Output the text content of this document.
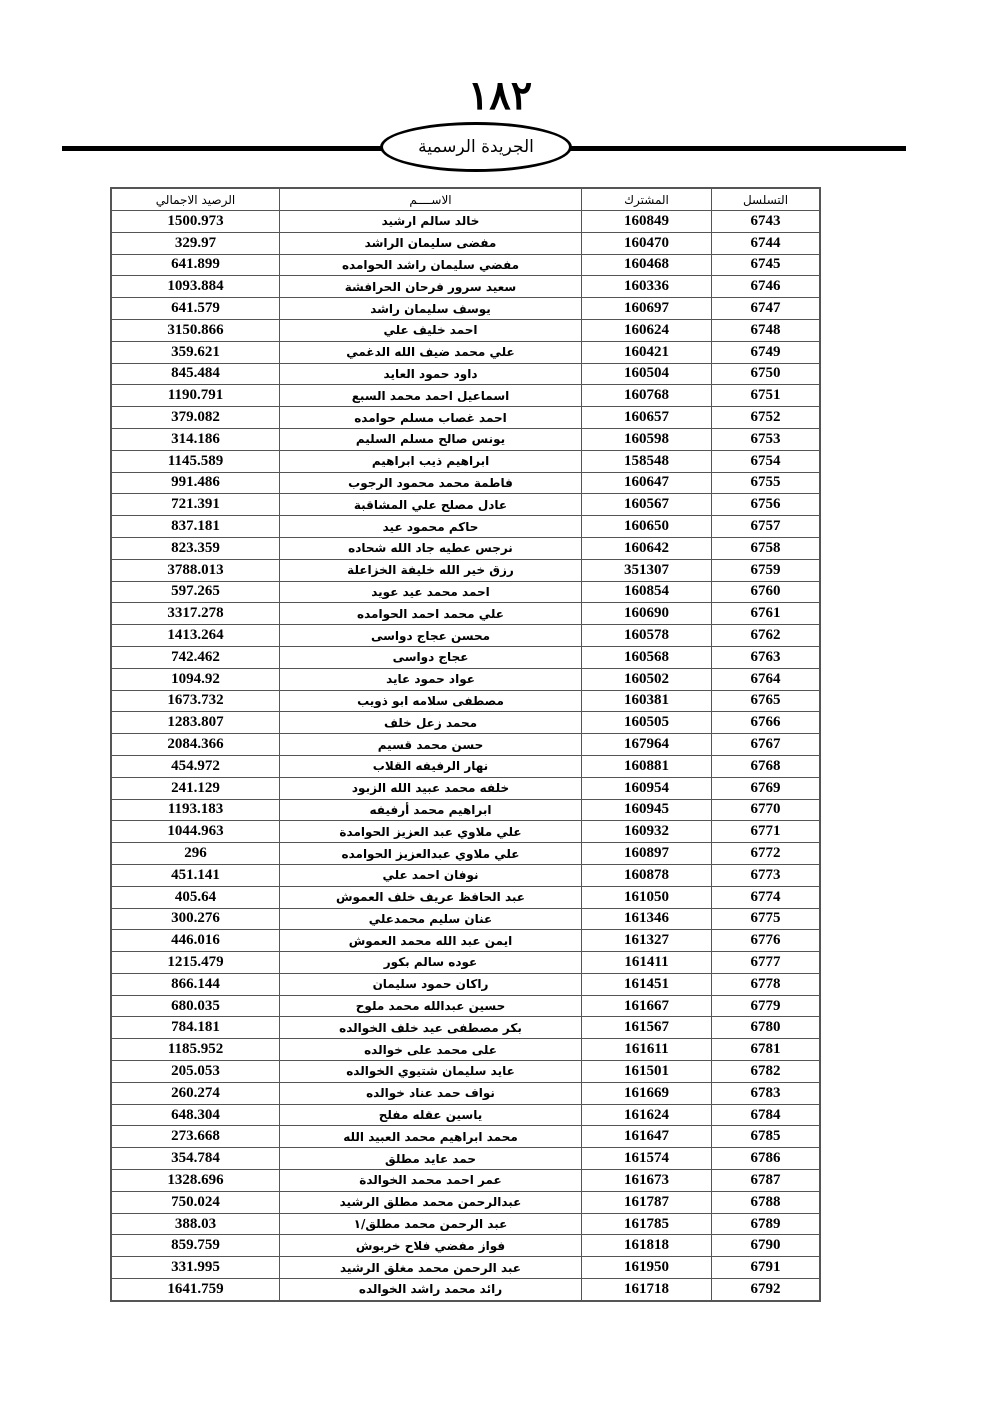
١٨٢
الجريدة الرسمية
التسلسل	المشترك	الاســــم	الرصيد الاجمالي
6743	160849	خالد سالم ارشيد	1500.973
6744	160470	مفضى سليمان الراشد	329.97
6745	160468	مفضي سليمان راشد الحوامده	641.899
6746	160336	سعيد سرور فرحان الحرافشة	1093.884
6747	160697	يوسف سليمان راشد	641.579
6748	160624	احمد خليف علي	3150.866
6749	160421	علي محمد ضيف الله الدغمي	359.621
6750	160504	داود حمود العايد	845.484
6751	160768	اسماعيل احمد محمد السبع	1190.791
6752	160657	احمد غصاب مسلم حوامده	379.082
6753	160598	يونس صالح مسلم السليم	314.186
6754	158548	ابراهيم ذيب ابراهيم	1145.589
6755	160647	فاطمة محمد محمود الرجوب	991.486
6756	160567	عادل مصلح علي المشاقبة	721.391
6757	160650	حاكم محمود عيد	837.181
6758	160642	نرجس عطيه جاد الله شحاده	823.359
6759	351307	رزق خير الله خليفة الخزاعلة	3788.013
6760	160854	احمد محمد عيد عويد	597.265
6761	160690	علي محمد احمد الحوامده	3317.278
6762	160578	محسن عجاج دواسى	1413.264
6763	160568	عجاج دواسى	742.462
6764	160502	عواد حمود عايد	1094.92
6765	160381	مصطفى سلامه ابو ذويب	1673.732
6766	160505	محمد زعل خلف	1283.807
6767	167964	حسن محمد قسيم	2084.366
6768	160881	نهار الرفيفه القلاب	454.972
6769	160954	خلفه محمد عبيد الله الزبود	241.129
6770	160945	ابراهيم محمد أرفيفه	1193.183
6771	160932	علي ملاوي عبد العزيز الحوامدة	1044.963
6772	160897	علي ملاوي عبدالعزيز الحوامده	296
6773	160878	نوفان احمد علي	451.141
6774	161050	عبد الحافظ عريف خلف العموش	405.64
6775	161346	عنان سليم محمدعلي	300.276
6776	161327	ايمن عبد الله محمد العموش	446.016
6777	161411	عوده سالم بكور	1215.479
6778	161451	راكان حمود سليمان	866.144
6779	161667	حسين عبدالله محمد ملوح	680.035
6780	161567	بكر مصطفى عيد خلف الخوالده	784.181
6781	161611	على محمد على خوالده	1185.952
6782	161501	عايد سليمان شتيوي الخوالده	205.053
6783	161669	نواف حمد عناد خوالده	260.274
6784	161624	ياسين عقله مفلح	648.304
6785	161647	محمد ابراهيم محمد العبيد الله	273.668
6786	161574	حمد عايد مطلق	354.784
6787	161673	عمر احمد محمد الخوالدة	1328.696
6788	161787	عبدالرحمن محمد مطلق الرشيد	750.024
6789	161785	عبد الرحمن محمد مطلق/١	388.03
6790	161818	فواز مفضي فلاح خربوش	859.759
6791	161950	عبد الرحمن محمد مغلق الرشيد	331.995
6792	161718	رائد محمد راشد الخوالده	1641.759
